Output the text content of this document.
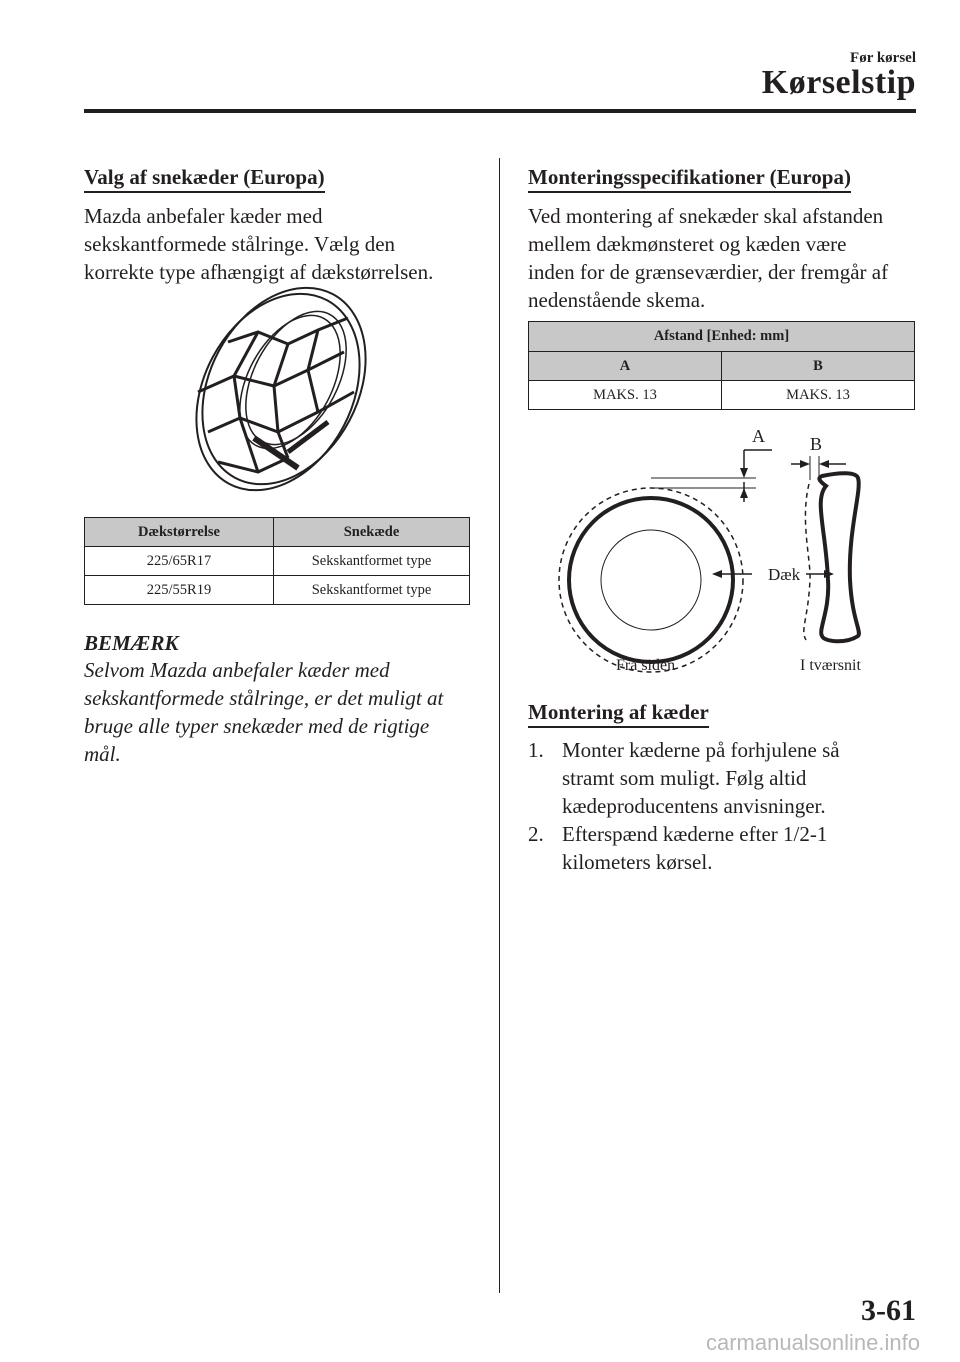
Før kørsel
Kørselstip
Valg af snekæder (Europa)

Mazda anbefaler kæder med

sekskantformede stålringe. Vælg den

korrekte type afhængigt af dækstørrelsen.

Dækstørrelse	Snekæde
225/65R17	Sekskantformet type
225/55R19	Sekskantformet type
BEMÆRK

Selvom Mazda anbefaler kæder med

sekskantformede stålringe, er det muligt at

bruge alle typer snekæder med de rigtige

mål.

Monteringsspecifikationer (Europa)

Ved montering af snekæder skal afstanden

mellem dækmønsteret og kæden være

inden for de grænseværdier, der fremgår af

nedenstående skema.

Afstand [Enhed: mm]	
A	B
MAKS. 13	MAKS. 13
A	B
Dæk
Fra siden	I tværsnit
Montering af kæder
1. Monter kæderne på forhjulene så
stramt som muligt. Følg altid
kædeproducentens anvisninger.
2. Efterspænd kæderne efter 1/2-1
kilometers kørsel.
3-61
carmanualsonline.info
